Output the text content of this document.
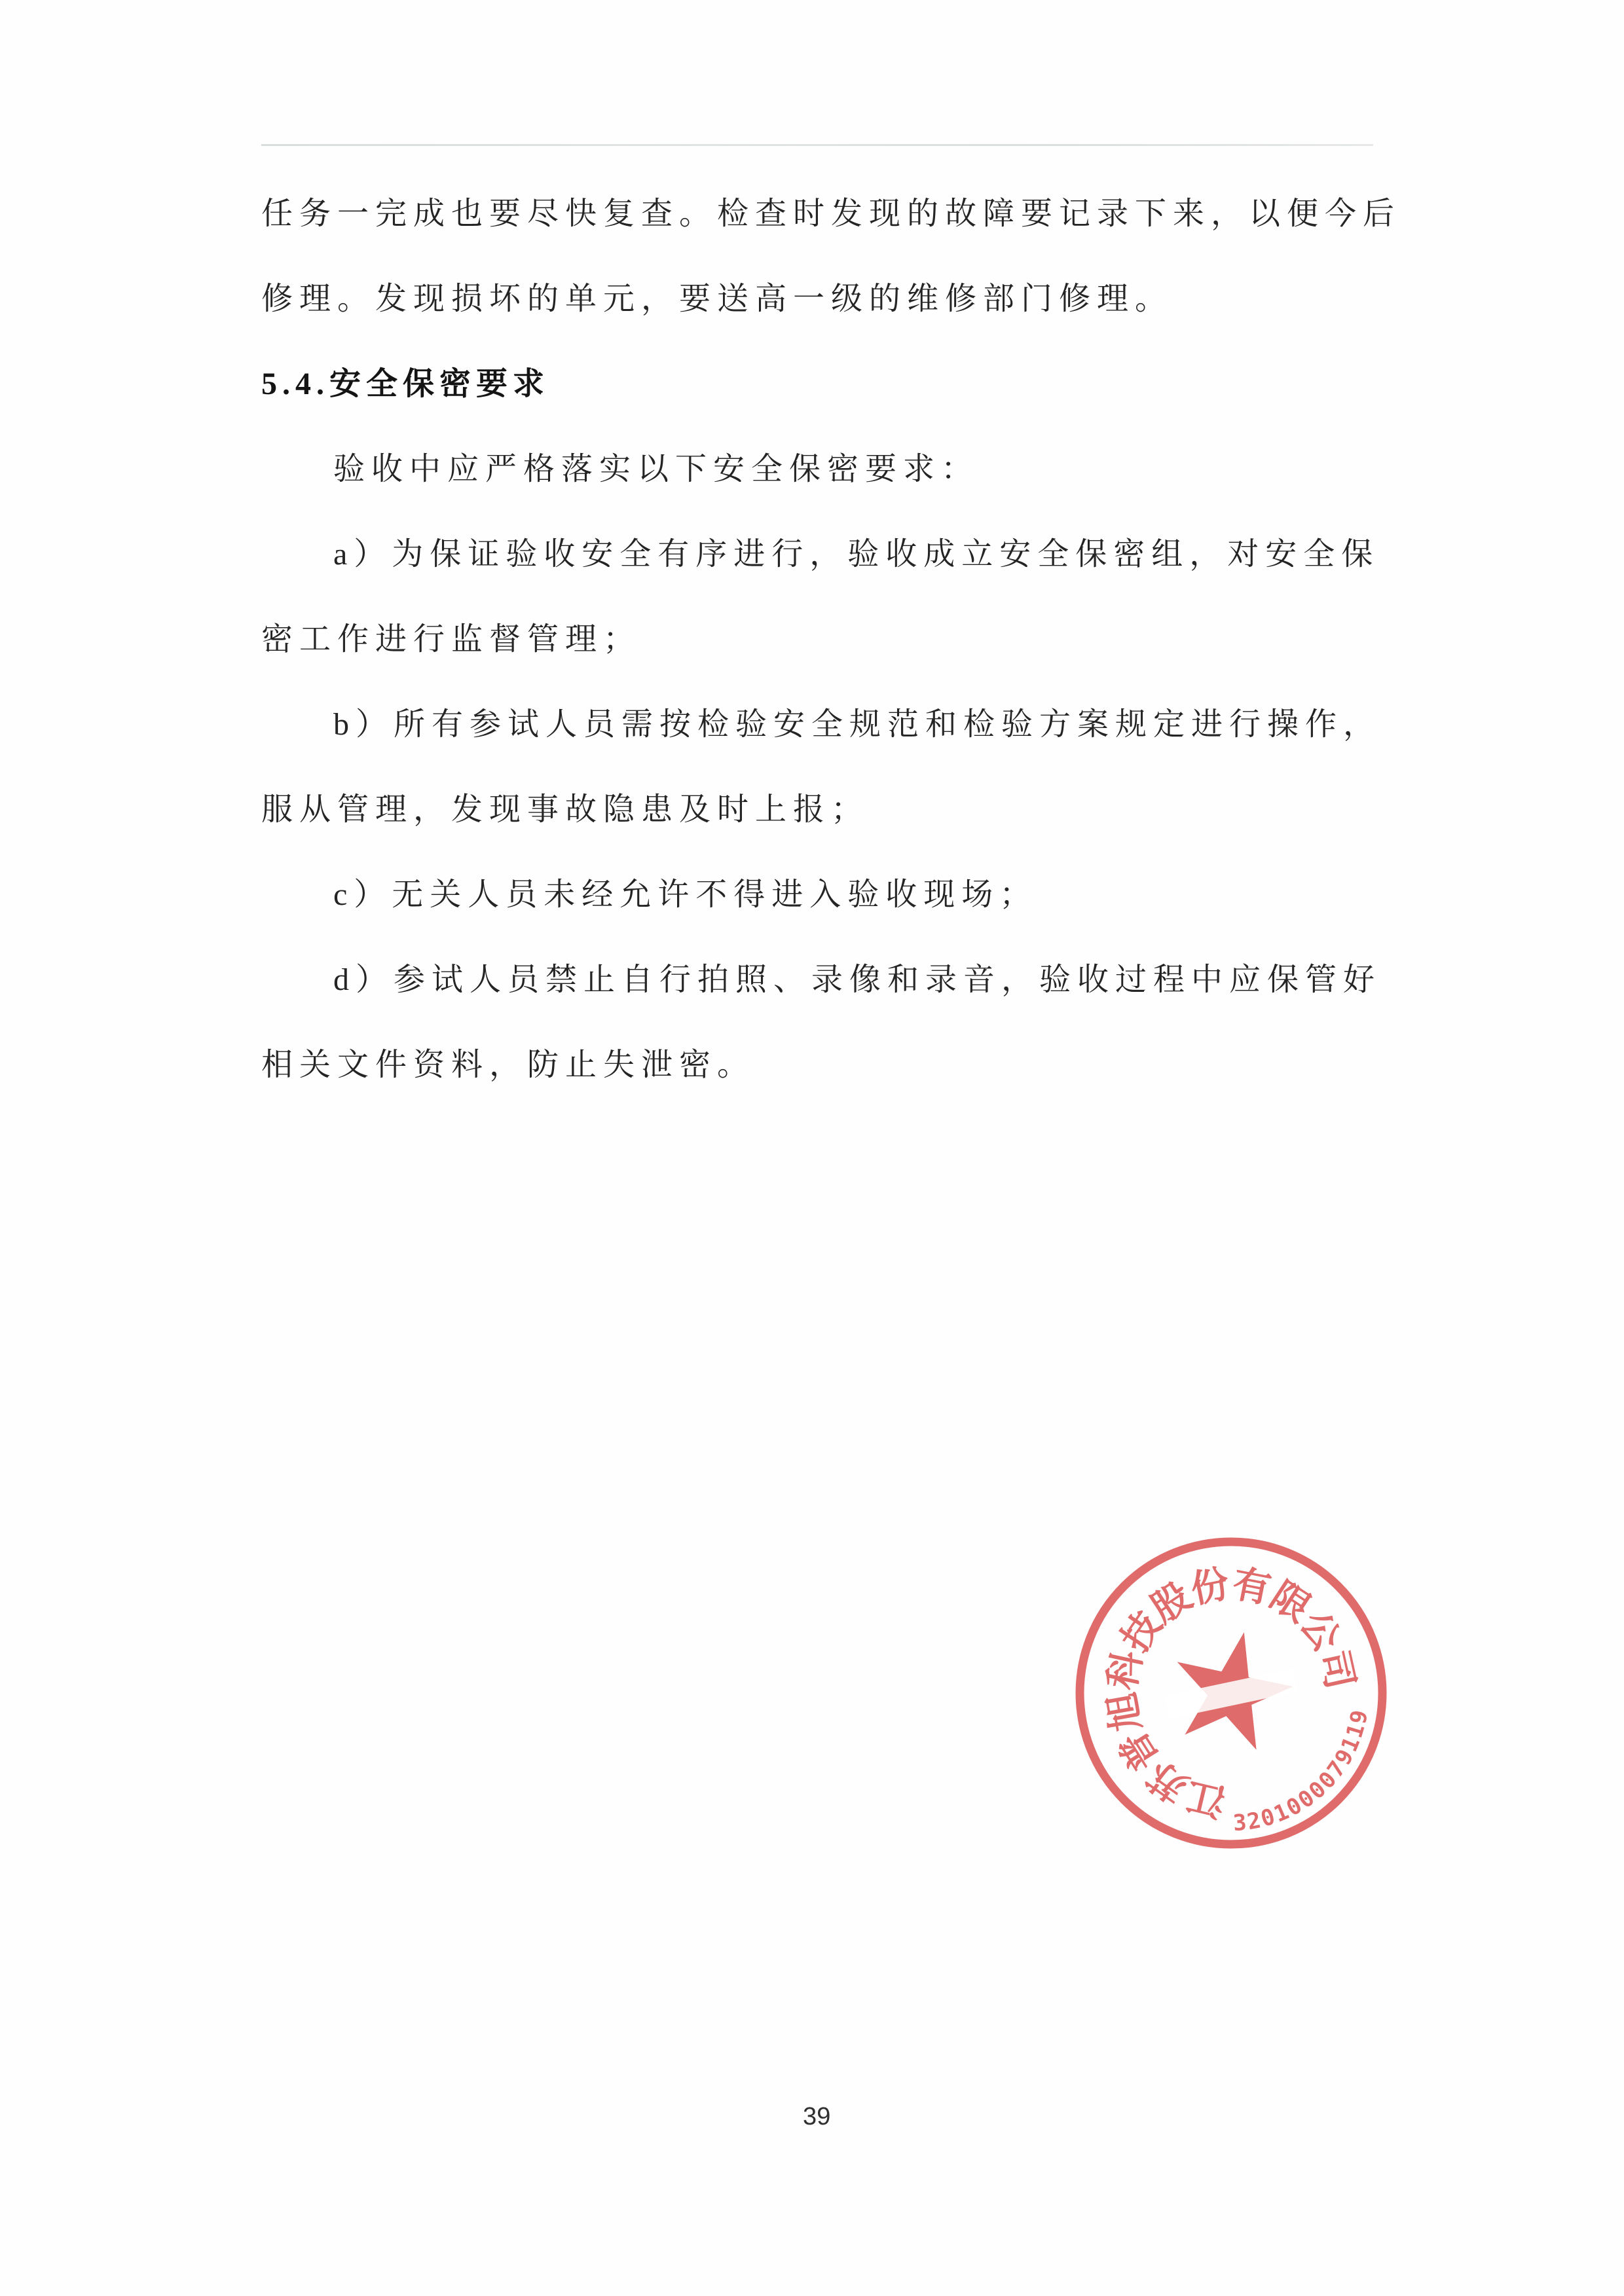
任务一完成也要尽快复查。检查时发现的故障要记录下来，以便今后
修理。发现损坏的单元，要送高一级的维修部门修理。
5.4.安全保密要求
验收中应严格落实以下安全保密要求：
a）为保证验收安全有序进行，验收成立安全保密组，对安全保
密工作进行监督管理；
b）所有参试人员需按检验安全规范和检验方案规定进行操作，
服从管理，发现事故隐患及时上报；
c）无关人员未经允许不得进入验收现场；
d）参试人员禁止自行拍照、录像和录音，验收过程中应保管好
相关文件资料，防止失泄密。
江苏普旭科技股份有限公司
3201000079119
39
